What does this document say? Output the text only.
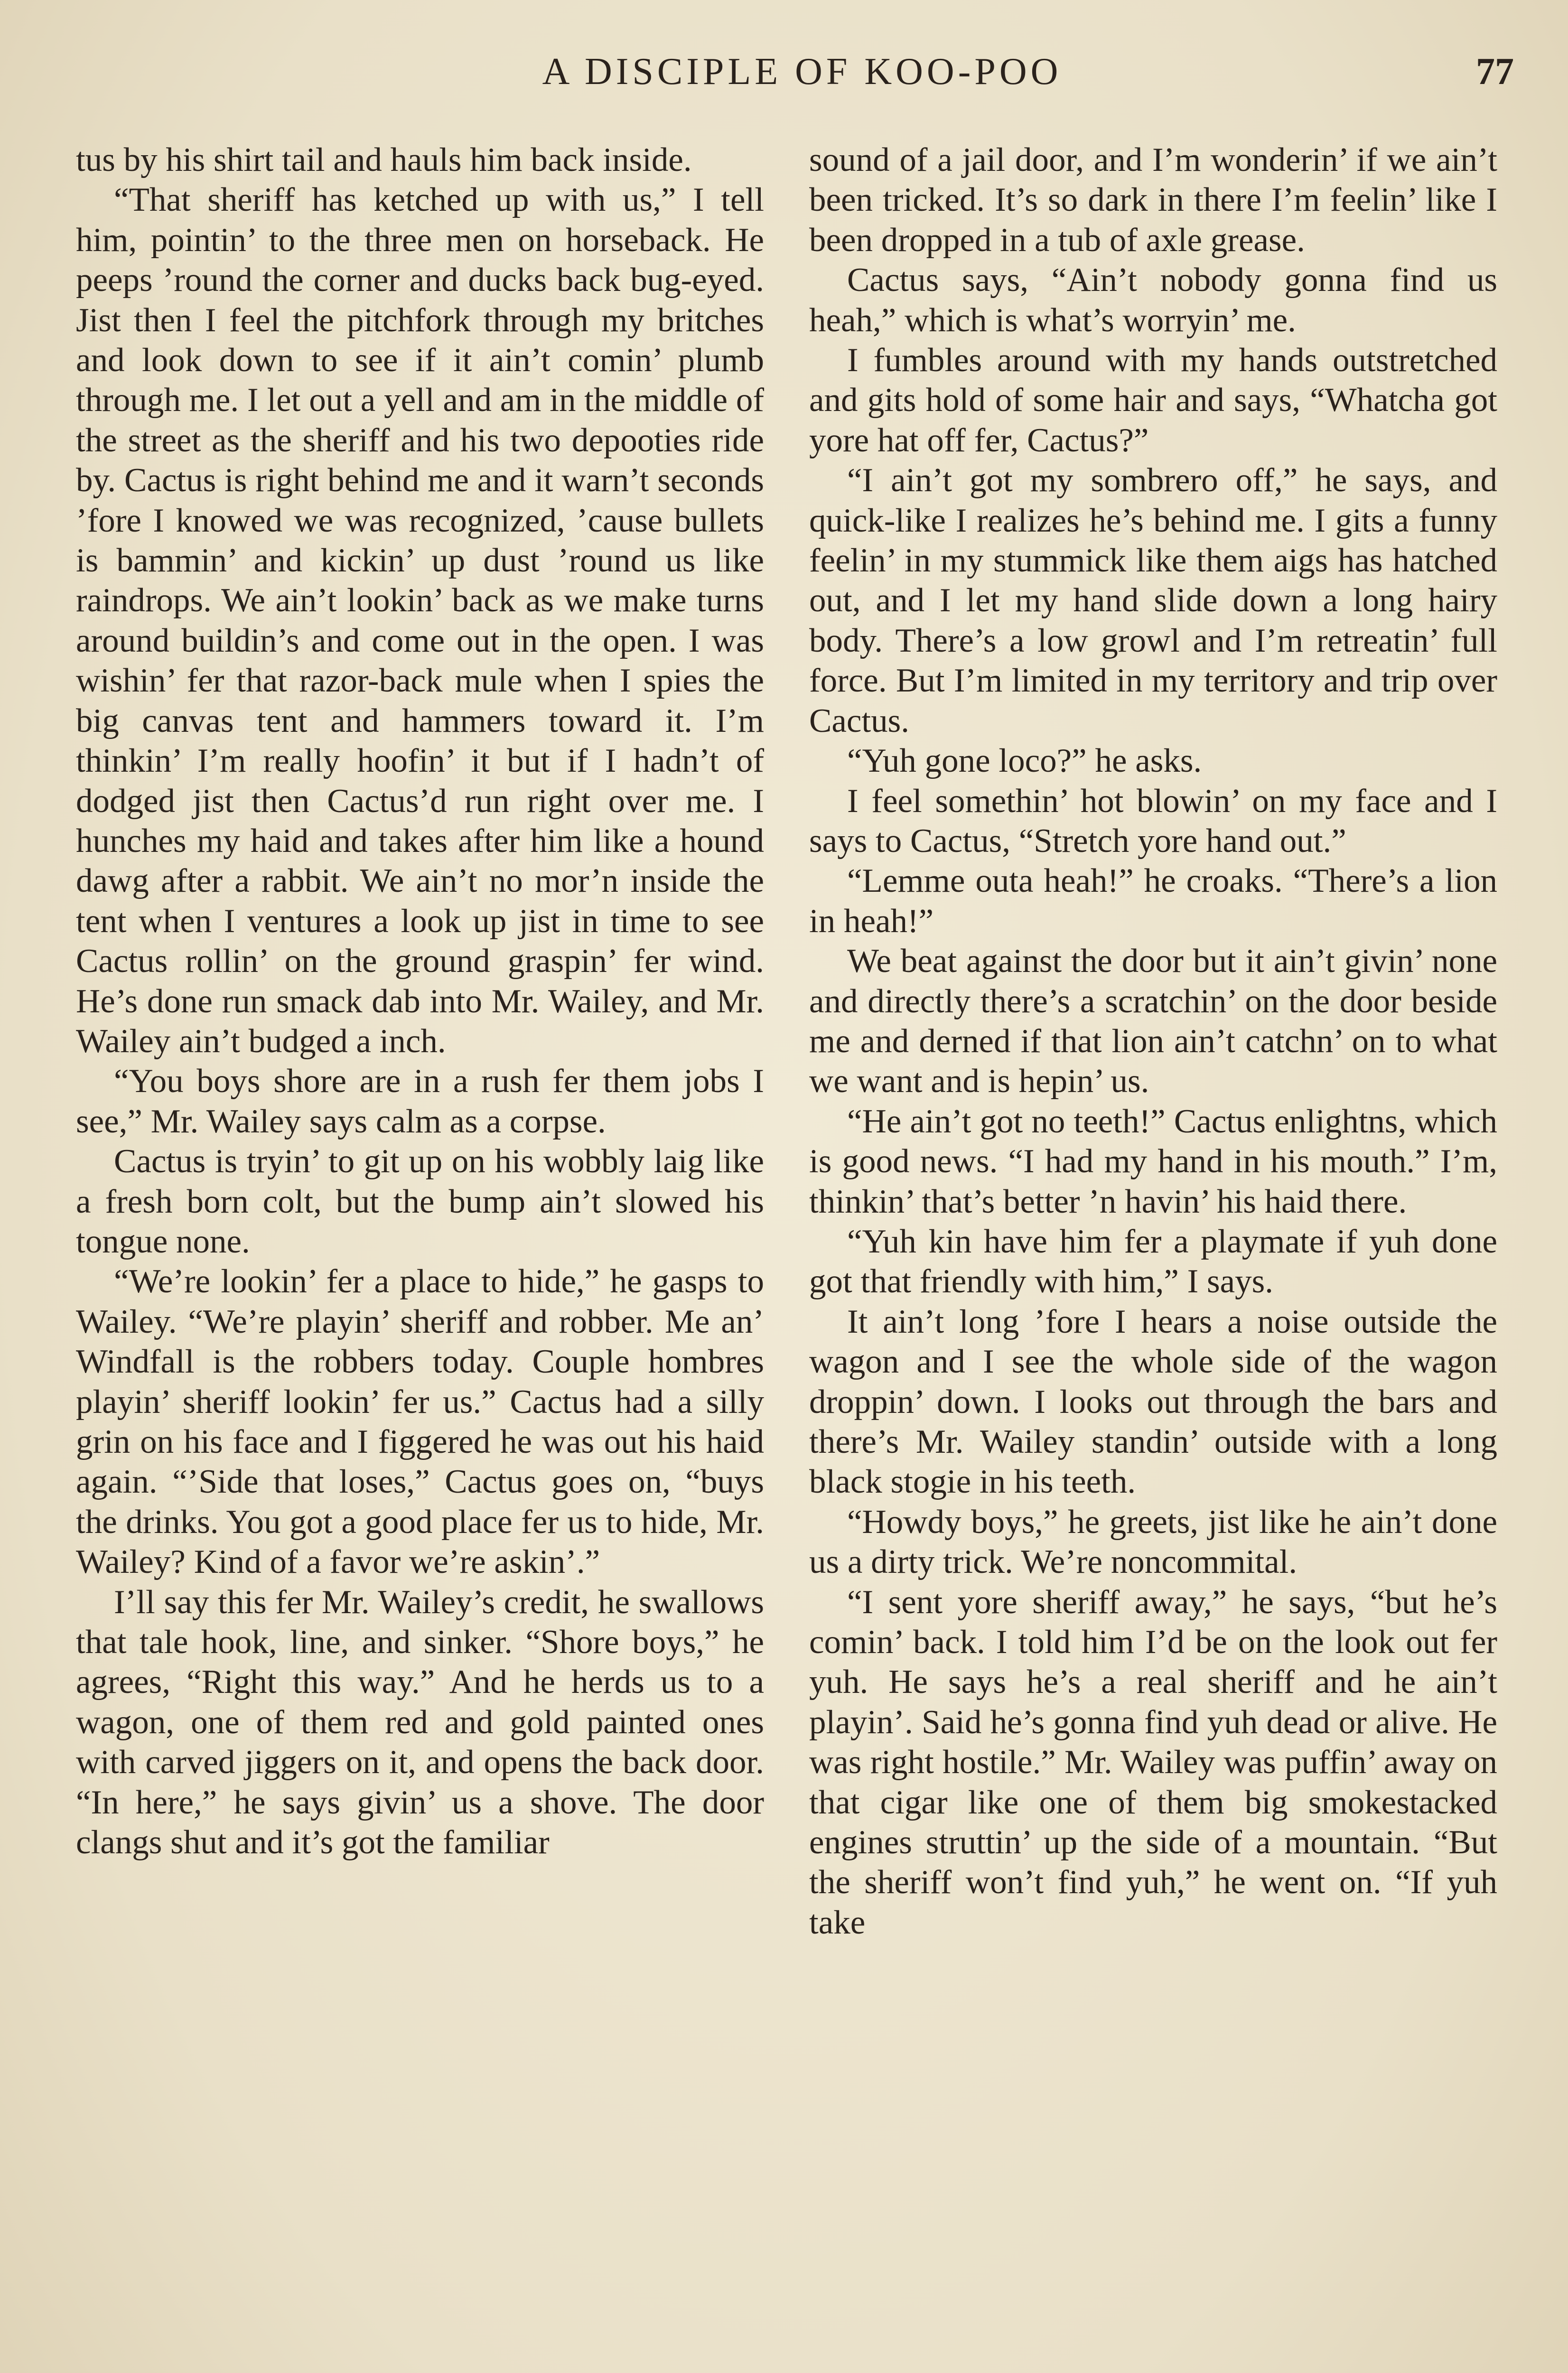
A DISCIPLE OF KOO-POO	77

tus by his shirt tail and hauls him back inside.

“That sheriff has ketched up with us,” I tell him, pointin’ to the three men on horseback. He peeps ’round the corner and ducks back bug-eyed. Jist then I feel the pitchfork through my britches and look down to see if it ain’t comin’ plumb through me. I let out a yell and am in the middle of the street as the sheriff and his two depooties ride by. Cactus is right behind me and it warn’t seconds ’fore I knowed we was recognized, ’cause bullets is bammin’ and kickin’ up dust ’round us like raindrops. We ain’t lookin’ back as we make turns around buildin’s and come out in the open. I was wishin’ fer that razor-back mule when I spies the big canvas tent and hammers toward it. I’m thinkin’ I’m really hoofin’ it but if I hadn’t of dodged jist then Cactus’d run right over me. I hunches my haid and takes after him like a hound dawg after a rabbit. We ain’t no mor’n inside the tent when I ventures a look up jist in time to see Cactus rollin’ on the ground graspin’ fer wind. He’s done run smack dab into Mr. Wailey, and Mr. Wailey ain’t budged a inch.

“You boys shore are in a rush fer them jobs I see,” Mr. Wailey says calm as a corpse.

Cactus is tryin’ to git up on his wobbly laig like a fresh born colt, but the bump ain’t slowed his tongue none.

“We’re lookin’ fer a place to hide,” he gasps to Wailey. “We’re playin’ sheriff and robber. Me an’ Windfall is the robbers today. Couple hombres playin’ sheriff lookin’ fer us.” Cactus had a silly grin on his face and I figgered he was out his haid again. “’Side that loses,” Cactus goes on, “buys the drinks. You got a good place fer us to hide, Mr. Wailey? Kind of a favor we’re askin’.”

I’ll say this fer Mr. Wailey’s credit, he swallows that tale hook, line, and sinker. “Shore boys,” he agrees, “Right this way.” And he herds us to a wagon, one of them red and gold painted ones with carved jiggers on it, and opens the back door. “In here,” he says givin’ us a shove. The door clangs shut and it’s got the familiar

sound of a jail door, and I’m wonderin’ if we ain’t been tricked. It’s so dark in there I’m feelin’ like I been dropped in a tub of axle grease.

Cactus says, “Ain’t nobody gonna find us heah,” which is what’s worryin’ me.

I fumbles around with my hands outstretched and gits hold of some hair and says, “Whatcha got yore hat off fer, Cactus?”

“I ain’t got my sombrero off,” he says, and quick-like I realizes he’s behind me. I gits a funny feelin’ in my stummick like them aigs has hatched out, and I let my hand slide down a long hairy body. There’s a low growl and I’m retreatin’ full force. But I’m limited in my territory and trip over Cactus.

“Yuh gone loco?” he asks.

I feel somethin’ hot blowin’ on my face and I says to Cactus, “Stretch yore hand out.”

“Lemme outa heah!” he croaks. “There’s a lion in heah!”

We beat against the door but it ain’t givin’ none and directly there’s a scratchin’ on the door beside me and derned if that lion ain’t catchn’ on to what we want and is hepin’ us.

“He ain’t got no teeth!” Cactus enlightns, which is good news. “I had my hand in his mouth.” I’m, thinkin’ that’s better ’n havin’ his haid there.

“Yuh kin have him fer a playmate if yuh done got that friendly with him,” I says.

It ain’t long ’fore I hears a noise outside the wagon and I see the whole side of the wagon droppin’ down. I looks out through the bars and there’s Mr. Wailey standin’ outside with a long black stogie in his teeth.

“Howdy boys,” he greets, jist like he ain’t done us a dirty trick. We’re noncommital.

“I sent yore sheriff away,” he says, “but he’s comin’ back. I told him I’d be on the look out fer yuh. He says he’s a real sheriff and he ain’t playin’. Said he’s gonna find yuh dead or alive. He was right hostile.” Mr. Wailey was puffin’ away on that cigar like one of them big smokestacked engines struttin’ up the side of a mountain. “But the sheriff won’t find yuh,” he went on. “If yuh take
